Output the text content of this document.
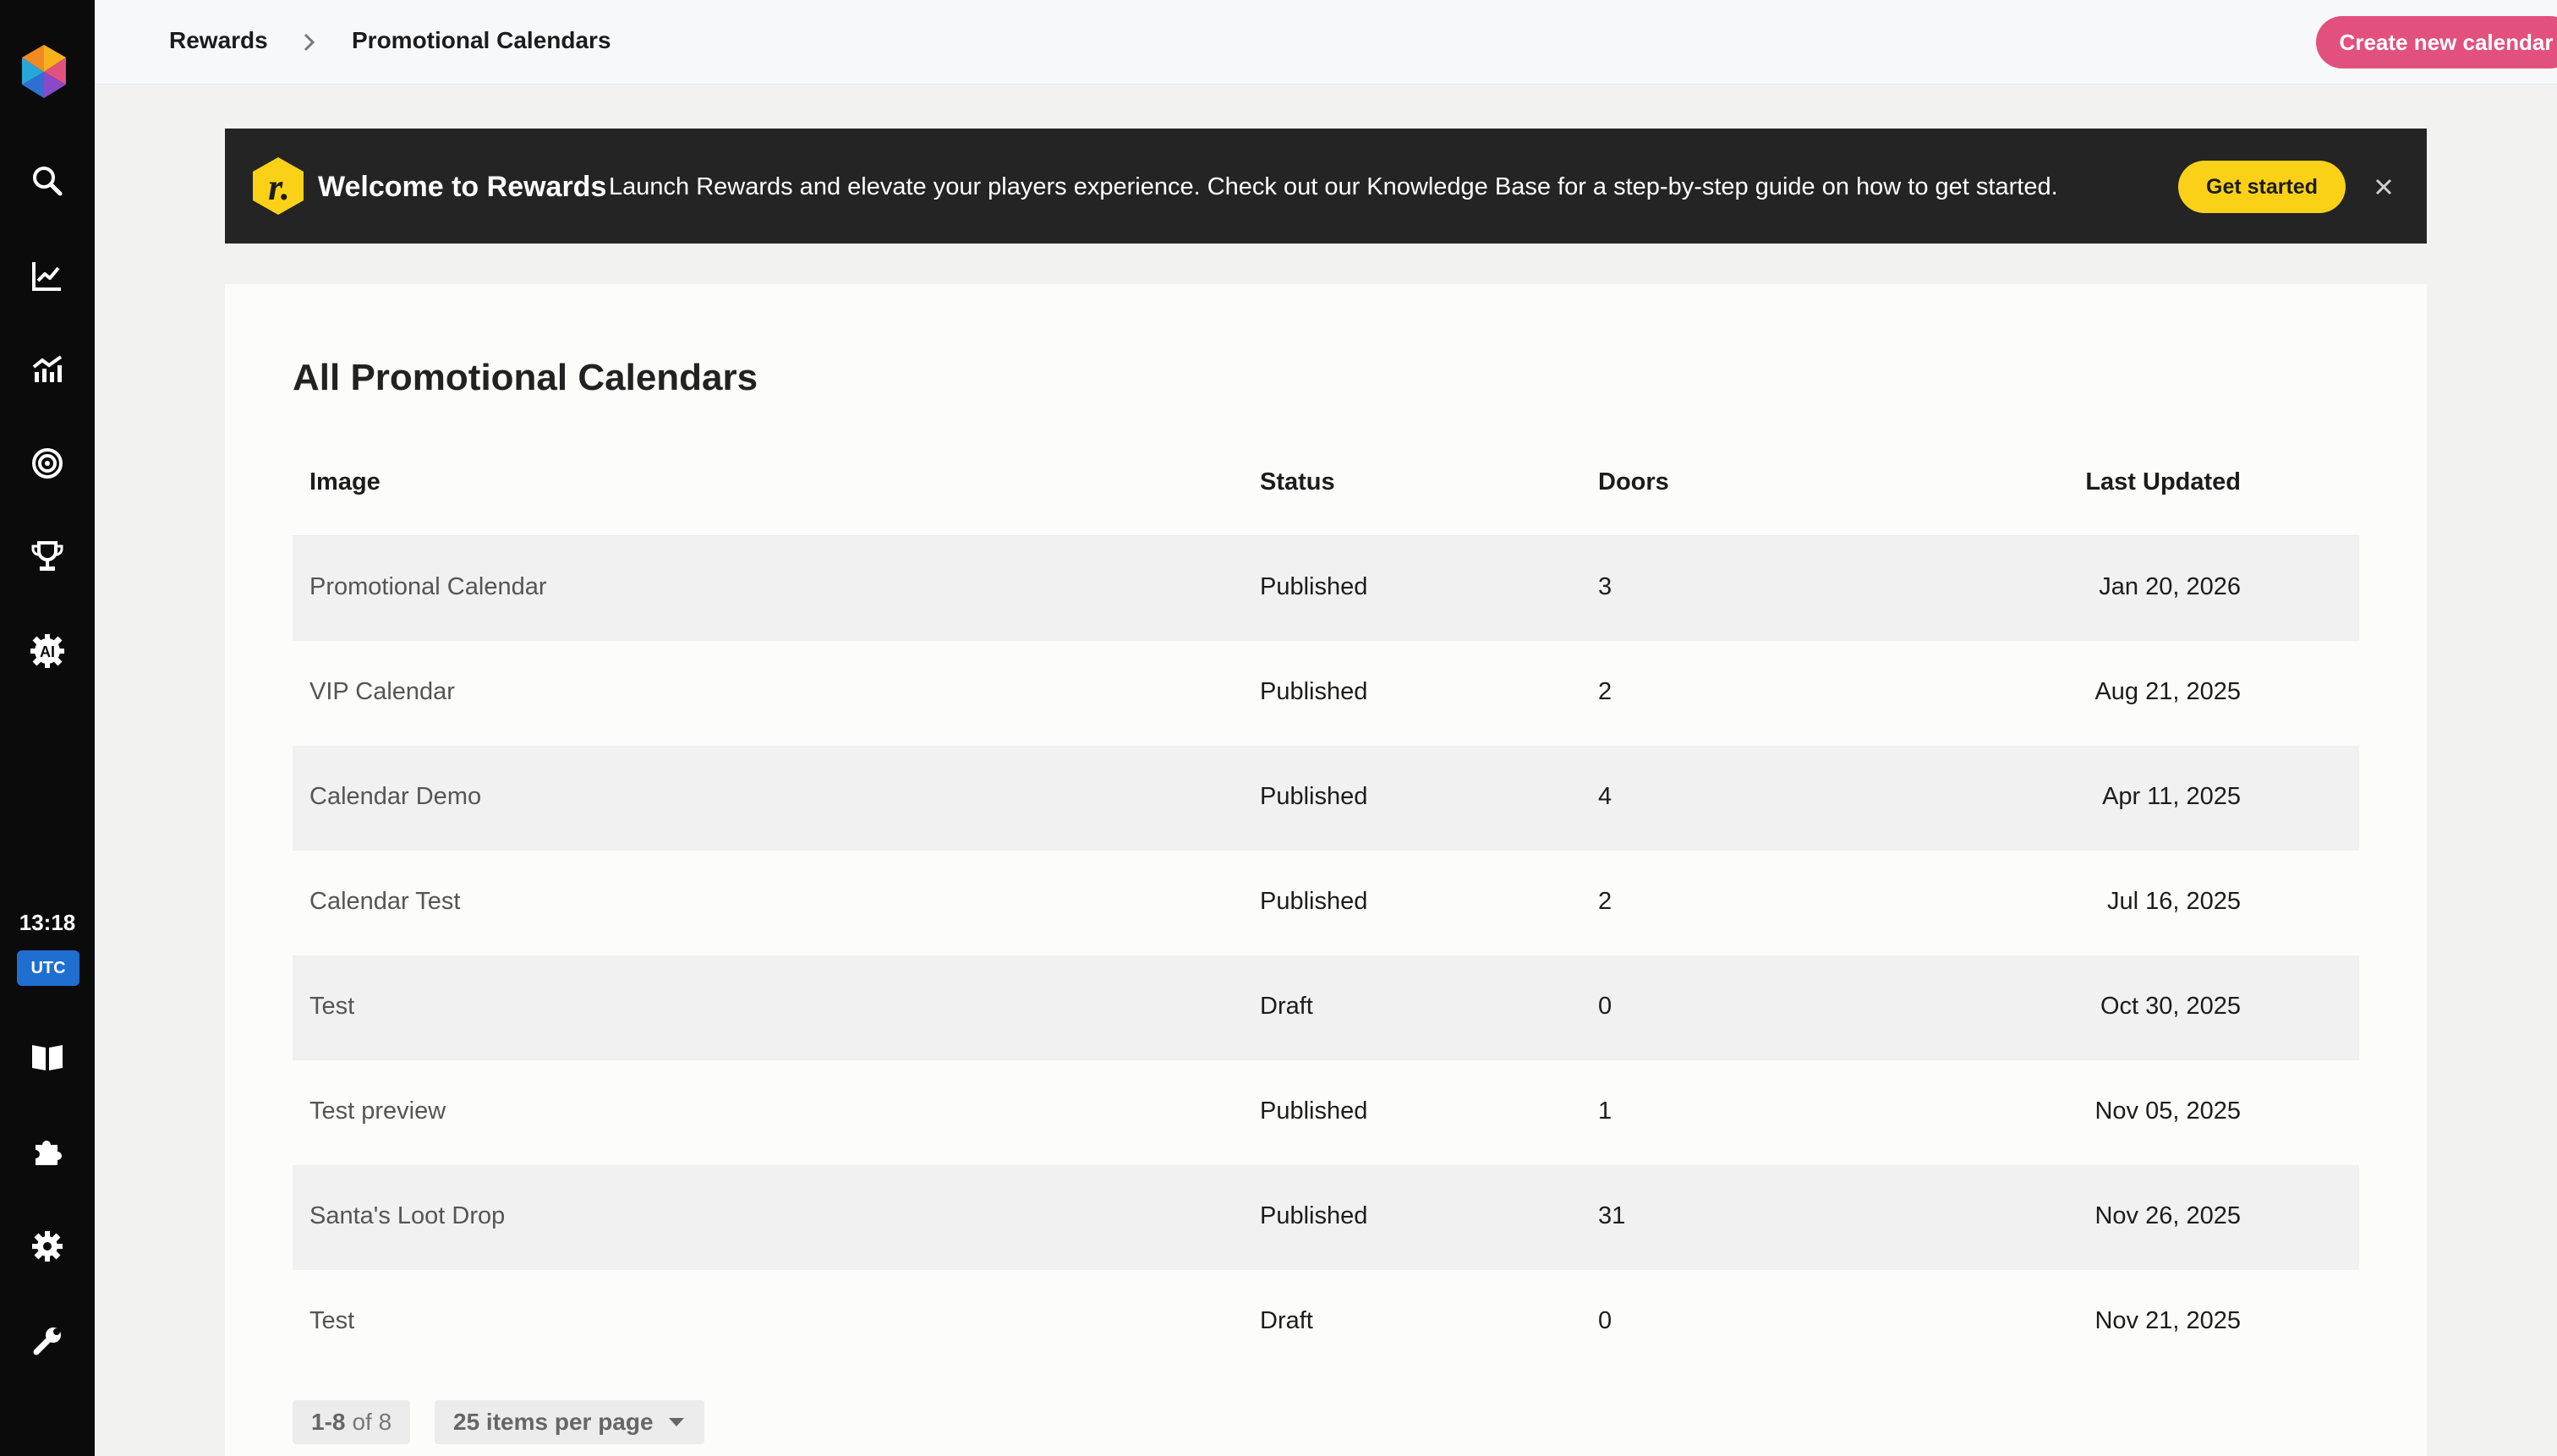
AI
13:18
UTC
Rewards	Promotional Calendars	Create new calendar
r. Welcome to Rewards Launch Rewards and elevate your players experience. Check out our Knowledge Base for a step-by-step guide on how to get started.	Get started
All Promotional Calendars
Image	Status	Doors	Last Updated
Promotional Calendar	Published	3	Jan 20, 2026
VIP Calendar	Published	2	Aug 21, 2025
Calendar Demo	Published	4	Apr 11, 2025
Calendar Test	Published	2	Jul 16, 2025
Test	Draft	0	Oct 30, 2025
Test preview	Published	1	Nov 05, 2025
Santa's Loot Drop	Published	31	Nov 26, 2025
Test	Draft	0	Nov 21, 2025
1-8 of 8	25 items per page
